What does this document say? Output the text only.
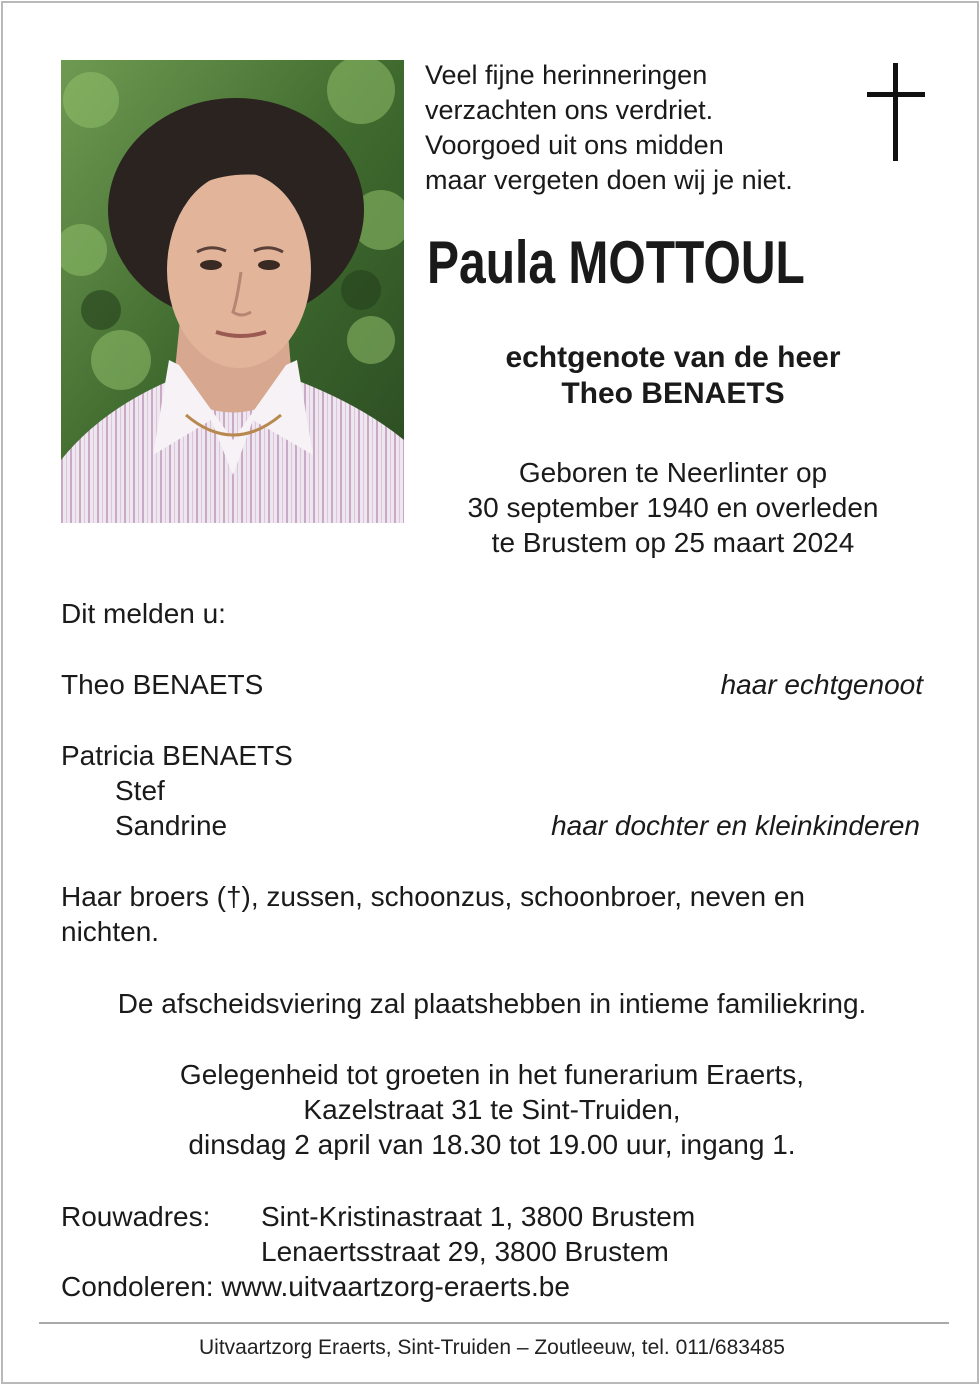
Veel fijne herinneringen
verzachten ons verdriet.
Voorgoed uit ons midden
maar vergeten doen wij je niet.
Paula MOTTOUL
echtgenote van de heer
Theo BENAETS
Geboren te Neerlinter op
30 september 1940 en overleden
te Brustem op 25 maart 2024
Dit melden u:
Theo BENAETS	haar echtgenoot
Patricia BENAETS
Stef
Sandrine	haar dochter en kleinkinderen
Haar broers (†), zussen, schoonzus, schoonbroer, neven en
nichten.
De afscheidsviering zal plaatshebben in intieme familiekring.
Gelegenheid tot groeten in het funerarium Eraerts,
Kazelstraat 31 te Sint-Truiden,
dinsdag 2 april van 18.30 tot 19.00 uur, ingang 1.
Rouwadres: Sint-Kristinastraat 1, 3800 Brustem
Lenaertsstraat 29, 3800 Brustem
Condoleren: www.uitvaartzorg-eraerts.be
Uitvaartzorg Eraerts, Sint-Truiden – Zoutleeuw, tel. 011/683485
